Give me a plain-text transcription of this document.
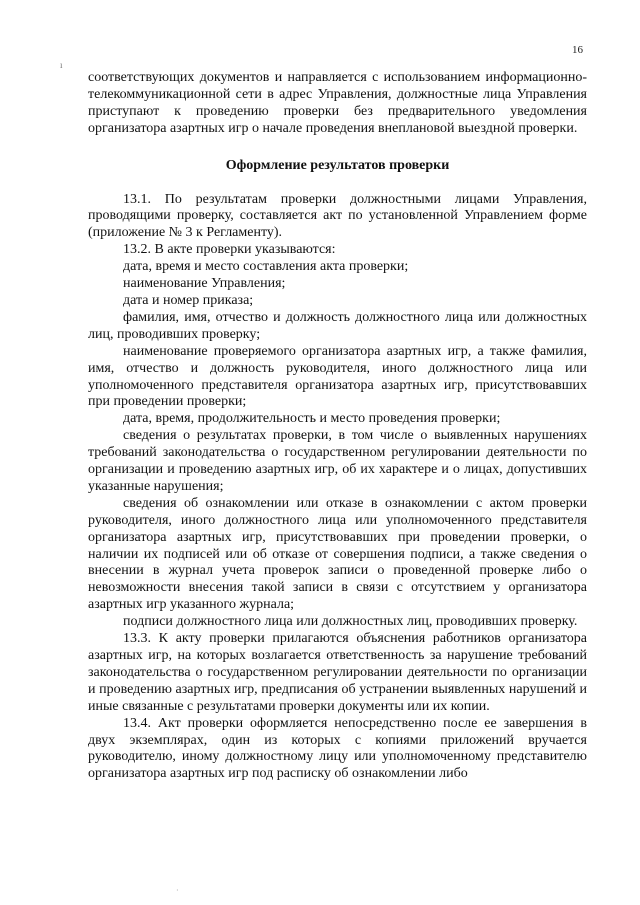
16
ı
·

соответствующих документов и направляется с использованием информационно-телекоммуникационной сети в адрес Управления, должностные лица Управления приступают к проведению проверки без предварительного уведомления организатора азартных игр о начале проведения внеплановой выездной проверки.

Оформление результатов проверки

13.1. По результатам проверки должностными лицами Управления, проводящими проверку, составляется акт по установленной Управлением форме (приложение № 3 к Регламенту).

13.2. В акте проверки указываются:

дата, время и место составления акта проверки;

наименование Управления;

дата и номер приказа;

фамилия, имя, отчество и должность должностного лица или должностных лиц, проводивших проверку;

наименование проверяемого организатора азартных игр, а также фамилия, имя, отчество и должность руководителя, иного должностного лица или уполномоченного представителя организатора азартных игр, присутствовавших при проведении проверки;

дата, время, продолжительность и место проведения проверки;

сведения о результатах проверки, в том числе о выявленных нарушениях требований законодательства о государственном регулировании деятельности по организации и проведению азартных игр, об их характере и о лицах, допустивших указанные нарушения;

сведения об ознакомлении или отказе в ознакомлении с актом проверки руководителя, иного должностного лица или уполномоченного представителя организатора азартных игр, присутствовавших при проведении проверки, о наличии их подписей или об отказе от совершения подписи, а также сведения о внесении в журнал учета проверок записи о проведенной проверке либо о невозможности внесения такой записи в связи с отсутствием у организатора азартных игр указанного журнала;

подписи должностного лица или должностных лиц, проводивших проверку.

13.3. К акту проверки прилагаются объяснения работников организатора азартных игр, на которых возлагается ответственность за нарушение требований законодательства о государственном регулировании деятельности по организации и проведению азартных игр, предписания об устранении выявленных нарушений и иные связанные с результатами проверки документы или их копии.

13.4. Акт проверки оформляется непосредственно после ее завершения в двух экземплярах, один из которых с копиями приложений вручается руководителю, иному должностному лицу или уполномоченному представителю организатора азартных игр под расписку об ознакомлении либо
